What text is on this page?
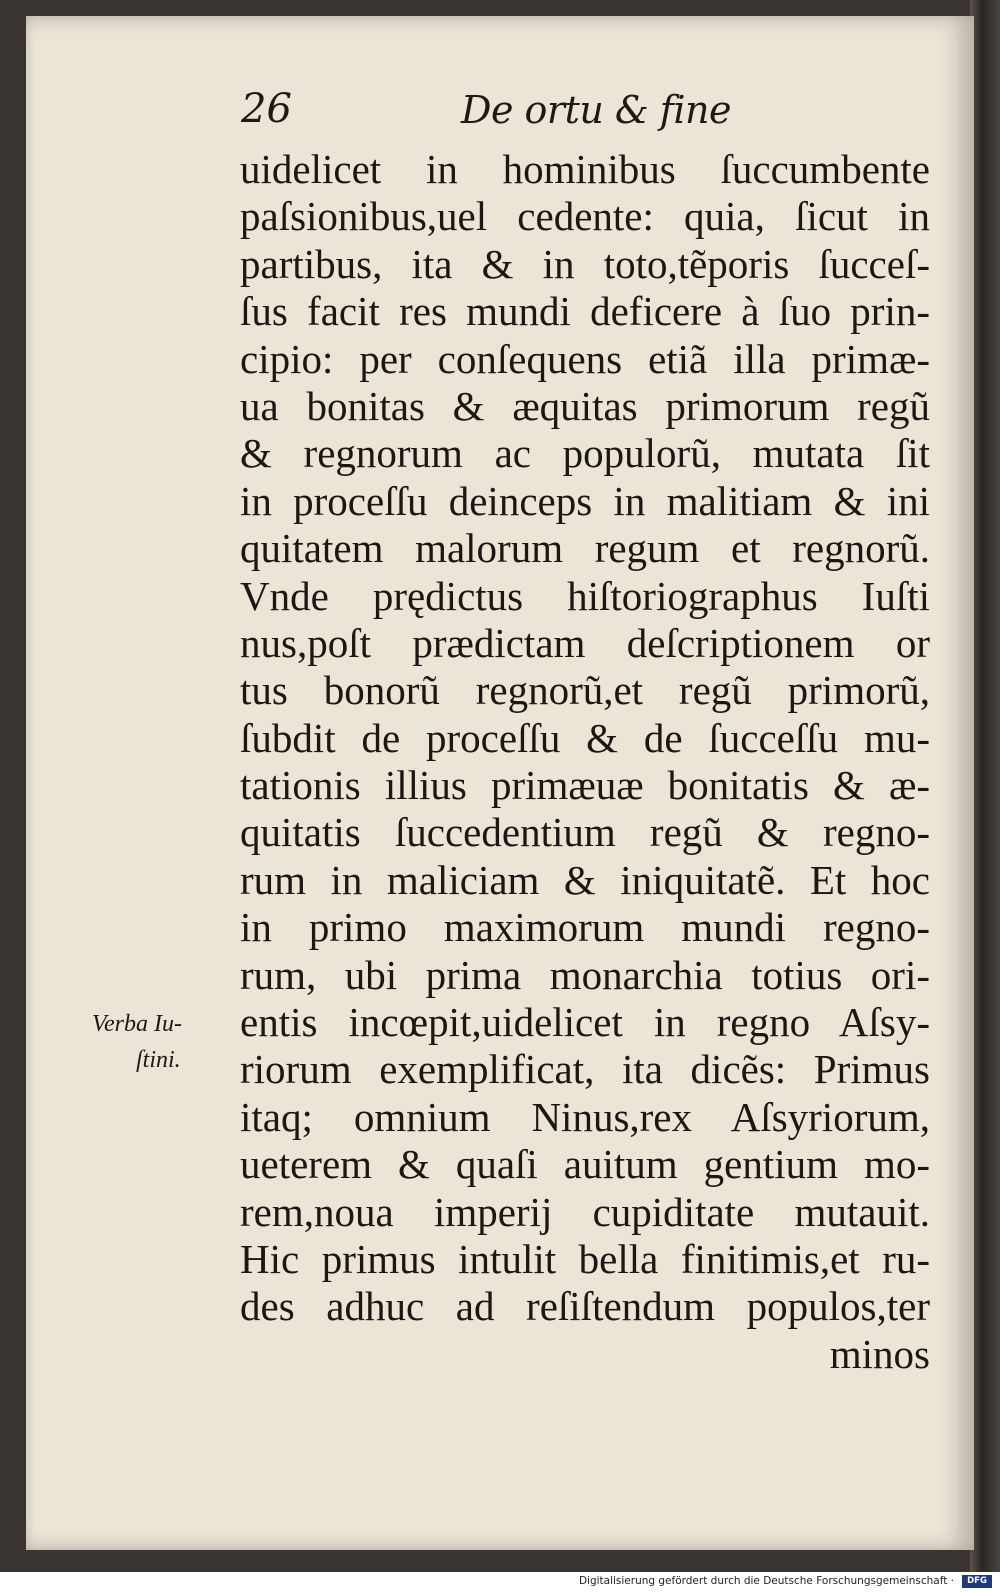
26	De ortu & fine
uidelicet in hominibus ſuccumbente
paſsionibus,uel cedente: quia, ſicut in
partibus, ita & in toto,tẽporis ſucceſ-
ſus facit res mundi deficere à ſuo prin-
cipio: per conſequens etiã illa primæ-
ua bonitas & æquitas primorum regũ
& regnorum ac populorũ, mutata ſit
in proceſſu deinceps in malitiam & ini
quitatem malorum regum et regnorũ.
Vnde prędictus hiſtoriographus Iuſti
nus,poſt prædictam deſcriptionem or
tus bonorũ regnorũ,et regũ primorũ,
ſubdit de proceſſu & de ſucceſſu mu-
tationis illius primæuæ bonitatis & æ-
quitatis ſuccedentium regũ & regno-
rum in maliciam & iniquitatẽ. Et hoc
in primo maximorum mundi regno-
rum, ubi prima monarchia totius ori-
entis incœpit,uidelicet in regno Aſsy-
riorum exemplificat, ita dicẽs: Primus
itaq; omnium Ninus,rex Aſsyriorum,
ueterem & quaſi auitum gentium mo-
rem,noua imperij cupiditate mutauit.
Hic primus intulit bella finitimis,et ru-
des adhuc ad reſiſtendum populos,ter
minos
Verba Iu-
ſtini.
Digitalisierung gefördert durch die Deutsche Forschungsgemeinschaft ·	DFG
